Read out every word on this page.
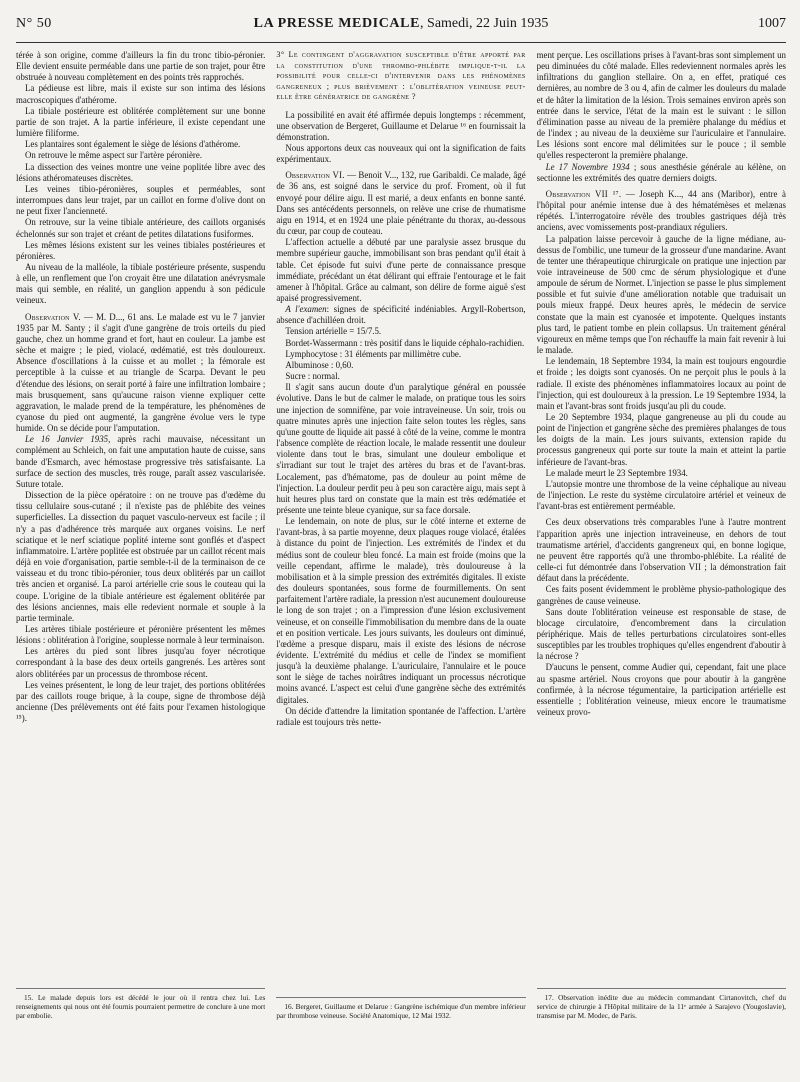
N° 50	LA PRESSE MEDICALE, Samedi, 22 Juin 1935	1007

térée à son origine, comme d'ailleurs la fin du tronc tibio-péronier. Elle devient ensuite perméable dans une partie de son trajet, pour être obstruée à nouveau complètement en des points très rapprochés.

La pédieuse est libre, mais il existe sur son intima des lésions macroscopiques d'athérome.

La tibiale postérieure est oblitérée complètement sur une bonne partie de son trajet. A la partie inférieure, il existe cependant une lumière filiforme.

Les plantaires sont également le siège de lésions d'athérome.

On retrouve le même aspect sur l'artère péronière.

La dissection des veines montre une veine poplitée libre avec des lésions athéromateuses discrètes.

Les veines tibio-péronières, souples et perméables, sont interrompues dans leur trajet, par un caillot en forme d'olive dont on ne peut fixer l'ancienneté.

On retrouve, sur la veine tibiale antérieure, des caillots organisés échelonnés sur son trajet et créant de petites dilatations fusiformes.

Les mêmes lésions existent sur les veines tibiales postérieures et péronières.

Au niveau de la malléole, la tibiale postérieure présente, suspendu à elle, un renflement que l'on croyait être une dilatation anévrysmale mais qui semble, en réalité, un ganglion appendu à son pédicule veineux.

Observation V. — M. D..., 61 ans. Le malade est vu le 7 janvier 1935 par M. Santy ; il s'agit d'une gangrène de trois orteils du pied gauche, chez un homme grand et fort, haut en couleur. La jambe est sèche et maigre ; le pied, violacé, œdématié, est très douloureux. Absence d'oscillations à la cuisse et au mollet ; la fémorale est perceptible à la cuisse et au triangle de Scarpa. Devant le peu d'étendue des lésions, on serait porté à faire une infiltration lombaire ; mais brusquement, sans qu'aucune raison vienne expliquer cette aggravation, le malade prend de la température, les phénomènes de cyanose du pied ont augmenté, la gangrène évolue vers le type humide. On se décide pour l'amputation.

Le 16 Janvier 1935, après rachi mauvaise, nécessitant un complément au Schleich, on fait une amputation haute de cuisse, sans bande d'Esmarch, avec hémostase progressive très satisfaisante. La surface de section des muscles, très rouge, paraît assez vascularisée. Suture totale.

Dissection de la pièce opératoire : on ne trouve pas d'œdème du tissu cellulaire sous-cutané ; il n'existe pas de phlébite des veines superficielles. La dissection du paquet vasculo-nerveux est facile ; il n'y a pas d'adhérence très marquée aux organes voisins. Le nerf sciatique et le nerf sciatique poplité interne sont gonflés et d'aspect inflammatoire. L'artère poplitée est obstruée par un caillot récent mais déjà en voie d'organisation, partie semble-t-il de la terminaison de ce vaisseau et du tronc tibio-péronier, tous deux oblitérés par un caillot très ancien et organisé. La paroi artérielle crie sous le couteau qui la coupe. L'origine de la tibiale antérieure est également oblitérée par des lésions anciennes, mais elle redevient normale et souple à la partie terminale.

Les artères tibiale postérieure et péronière présentent les mêmes lésions : oblitération à l'origine, souplesse normale à leur terminaison.

Les artères du pied sont libres jusqu'au foyer nécrotique correspondant à la base des deux orteils gangrenés. Les artères sont alors oblitérées par un processus de thrombose récent.

Les veines présentent, le long de leur trajet, des portions oblitérées par des caillots rouge brique, à la coupe, signe de thrombose déjà ancienne (Des prélèvements ont été faits pour l'examen histologique ¹⁵).

15. Le malade depuis lors est décédé le jour où il rentra chez lui. Les renseignements qui nous ont été fournis pourraient permettre de conclure à une mort par embolie.

3° Le contingent d'aggravation susceptible d'être apporté par la constitution d'une thrombo-phlébite implique-t-il la possibilité pour celle-ci d'intervenir dans les phénomènes gangreneux ; plus brièvement : l'oblitération veineuse peut-elle être génératrice de gangrène ?

La possibilité en avait été affirmée depuis longtemps : récemment, une observation de Bergeret, Guillaume et Delarue ¹⁶ en fournissait la démonstration.

Nous apportons deux cas nouveaux qui ont la signification de faits expérimentaux.

Observation VI. — Benoit V..., 132, rue Garibaldi. Ce malade, âgé de 36 ans, est soigné dans le service du prof. Froment, où il fut envoyé pour délire aigu. Il est marié, a deux enfants en bonne santé. Dans ses antécédents personnels, on relève une crise de rhumatisme aigu en 1914, et en 1924 une plaie pénétrante du thorax, au-dessous du cœur, par coup de couteau.

L'affection actuelle a débuté par une paralysie assez brusque du membre supérieur gauche, immobilisant son bras pendant qu'il était à table. Cet épisode fut suivi d'une perte de connaissance presque immédiate, précédant un état délirant qui effraie l'entourage et le fait amener à l'hôpital. Grâce au calmant, son délire de forme aiguë s'est apaisé progressivement.

A l'examen: signes de spécificité indéniables. Argyll-Robertson, absence d'achilléen droit.

Tension artérielle = 15/7.5.

Bordet-Wassermann : très positif dans le liquide céphalo-rachidien.

Lymphocytose : 31 éléments par millimètre cube.

Albuminose : 0,60.

Sucre : normal.

Il s'agit sans aucun doute d'un paralytique général en poussée évolutive. Dans le but de calmer le malade, on pratique tous les soirs une injection de somnifène, par voie intraveineuse. Un soir, trois ou quatre minutes après une injection faite selon toutes les règles, sans qu'une goutte de liquide ait passé à côté de la veine, comme le montra l'absence complète de réaction locale, le malade ressentit une douleur violente dans tout le bras, simulant une douleur embolique et s'irradiant sur tout le trajet des artères du bras et de l'avant-bras. Localement, pas d'hématome, pas de douleur au point même de l'injection. La douleur perdit peu à peu son caractère aigu, mais sept à huit heures plus tard on constate que la main est très œdématiée et présente une teinte bleue cyanique, sur sa face dorsale.

Le lendemain, on note de plus, sur le côté interne et externe de l'avant-bras, à sa partie moyenne, deux plaques rouge violacé, étalées à distance du point de l'injection. Les extrémités de l'index et du médius sont de couleur bleu foncé. La main est froide (moins que la veille cependant, affirme le malade), très douloureuse à la mobilisation et à la simple pression des extrémités digitales. Il existe des douleurs spontanées, sous forme de fourmillements. On sent parfaitement l'artère radiale, la pression n'est aucunement douloureuse le long de son trajet ; on a l'impression d'une lésion exclusivement veineuse, et on conseille l'immobilisation du membre dans de la ouate et en position verticale. Les jours suivants, les douleurs ont diminué, l'œdème a presque disparu, mais il existe des lésions de nécrose évidente. L'extrémité du médius et celle de l'index se momifient jusqu'à la deuxième phalange. L'auriculaire, l'annulaire et le pouce sont le siège de taches noirâtres indiquant un processus nécrotique moins avancé. L'aspect est celui d'une gangrène sèche des extrémités digitales.

On décide d'attendre la limitation spontanée de l'affection. L'artère radiale est toujours très nette-

16. Bergeret, Guillaume et Delarue : Gangrène ischémique d'un membre inférieur par thrombose veineuse. Société Anatomique, 12 Mai 1932.

ment perçue. Les oscillations prises à l'avant-bras sont simplement un peu diminuées du côté malade. Elles redeviennent normales après les infiltrations du ganglion stellaire. On a, en effet, pratiqué ces dernières, au nombre de 3 ou 4, afin de calmer les douleurs du malade et de hâter la limitation de la lésion. Trois semaines environ après son entrée dans le service, l'état de la main est le suivant : le sillon d'élimination passe au niveau de la première phalange du médius et de l'index ; au niveau de la deuxième sur l'auriculaire et l'annulaire. Les lésions sont encore mal délimitées sur le pouce ; il semble qu'elles respecteront la première phalange.

Le 17 Novembre 1934 ; sous anesthésie générale au kélène, on sectionne les extrémités des quatre derniers doigts.

Observation VII ¹⁷. — Joseph K..., 44 ans (Maribor), entre à l'hôpital pour anémie intense due à des hématémèses et melænas répétés. L'interrogatoire révèle des troubles gastriques déjà très anciens, avec vomissements post-prandiaux réguliers.

La palpation laisse percevoir à gauche de la ligne médiane, au-dessus de l'ombilic, une tumeur de la grosseur d'une mandarine. Avant de tenter une thérapeutique chirurgicale on pratique une injection par voie intraveineuse de 500 cmc de sérum physiologique et d'une ampoule de sérum de Normet. L'injection se passe le plus simplement possible et fut suivie d'une amélioration notable que traduisait un pouls mieux frappé. Deux heures après, le médecin de service constate que la main est cyanosée et impotente. Quelques instants plus tard, le patient tombe en plein collapsus. Un traitement général vigoureux en même temps que l'on réchauffe la main fait revenir à lui le malade.

Le lendemain, 18 Septembre 1934, la main est toujours engourdie et froide ; les doigts sont cyanosés. On ne perçoit plus le pouls à la radiale. Il existe des phénomènes inflammatoires locaux au point de l'injection, qui est douloureux à la pression. Le 19 Septembre 1934, la main et l'avant-bras sont froids jusqu'au pli du coude.

Le 20 Septembre 1934, plaque gangreneuse au pli du coude au point de l'injection et gangrène sèche des premières phalanges de tous les doigts de la main. Les jours suivants, extension rapide du processus gangreneux qui porte sur toute la main et atteint la partie inférieure de l'avant-bras.

Le malade meurt le 23 Septembre 1934.

L'autopsie montre une thrombose de la veine céphalique au niveau de l'injection. Le reste du système circulatoire artériel et veineux de l'avant-bras est entièrement perméable.

Ces deux observations très comparables l'une à l'autre montrent l'apparition après une injection intraveineuse, en dehors de tout traumatisme artériel, d'accidents gangreneux qui, en bonne logique, ne peuvent être rapportés qu'à une thrombo-phlébite. La réalité de celle-ci fut démontrée dans l'observation VII ; la démonstration fait défaut dans la précédente.

Ces faits posent évidemment le problème physio-pathologique des gangrènes de cause veineuse.

Sans doute l'oblitération veineuse est responsable de stase, de blocage circulatoire, d'encombrement dans la circulation périphérique. Mais de telles perturbations circulatoires sont-elles susceptibles par les troubles trophiques qu'elles engendrent d'aboutir à la nécrose ?

D'aucuns le pensent, comme Audier qui, cependant, fait une place au spasme artériel. Nous croyons que pour aboutir à la gangrène confirmée, à la nécrose tégumentaire, la participation artérielle est essentielle ; l'oblitération veineuse, mieux encore le traumatisme veineux provo-

17. Observation inédite due au médecin commandant Cirtanovitch, chef du service de chirurgie à l'Hôpital militaire de la 11ᵉ armée à Sarajevo (Yougoslavie), transmise par M. Modec, de Paris.
